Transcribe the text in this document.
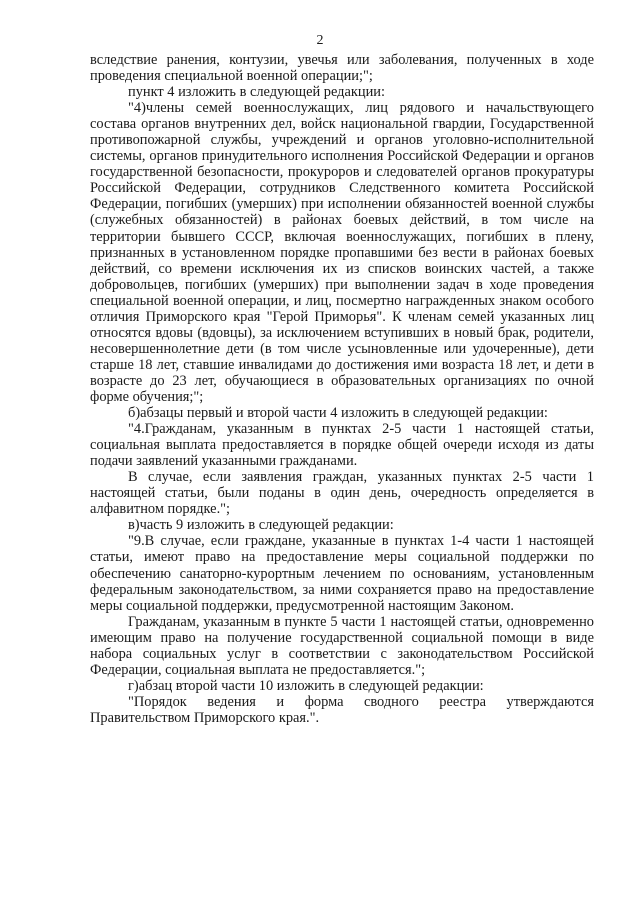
2

вследствие ранения, контузии, увечья или заболевания, полученных в ходе проведения специальной военной операции;";

пункт 4 изложить в следующей редакции:

"4)члены семей военнослужащих, лиц рядового и начальствующего состава органов внутренних дел, войск национальной гвардии, Государственной противопожарной службы, учреждений и органов уголовно-исполнительной системы, органов принудительного исполнения Российской Федерации и органов государственной безопасности, прокуроров и следователей органов прокуратуры Российской Федерации, сотрудников Следственного комитета Российской Федерации, погибших (умерших) при исполнении обязанностей военной службы (служебных обязанностей) в районах боевых действий, в том числе на территории бывшего СССР, включая военнослужащих, погибших в плену, признанных в установленном порядке пропавшими без вести в районах боевых действий, со времени исключения их из списков воинских частей, а также добровольцев, погибших (умерших) при выполнении задач в ходе проведения специальной военной операции, и лиц, посмертно награжденных знаком особого отличия Приморского края "Герой Приморья". К членам семей указанных лиц относятся вдовы (вдовцы), за исключением вступивших в новый брак, родители, несовершеннолетние дети (в том числе усыновленные или удочеренные), дети старше 18 лет, ставшие инвалидами до достижения ими возраста 18 лет, и дети в возрасте до 23 лет, обучающиеся в образовательных организациях по очной форме обучения;";

б)абзацы первый и второй части 4 изложить в следующей редакции:

"4.Гражданам, указанным в пунктах 2-5 части 1 настоящей статьи, социальная выплата предоставляется в порядке общей очереди исходя из даты подачи заявлений указанными гражданами.

В случае, если заявления граждан, указанных пунктах 2-5 части 1 настоящей статьи, были поданы в один день, очередность определяется в алфавитном порядке.";

в)часть 9 изложить в следующей редакции:

"9.В случае, если граждане, указанные в пунктах 1-4 части 1 настоящей статьи, имеют право на предоставление меры социальной поддержки по обеспечению санаторно-курортным лечением по основаниям, установленным федеральным законодательством, за ними сохраняется право на предоставление меры социальной поддержки, предусмотренной настоящим Законом.

Гражданам, указанным в пункте 5 части 1 настоящей статьи, одновременно имеющим право на получение государственной социальной помощи в виде набора социальных услуг в соответствии с законодательством Российской Федерации, социальная выплата не предоставляется.";

г)абзац второй части 10 изложить в следующей редакции:

"Порядок ведения и форма сводного реестра утверждаются Правительством Приморского края.".
